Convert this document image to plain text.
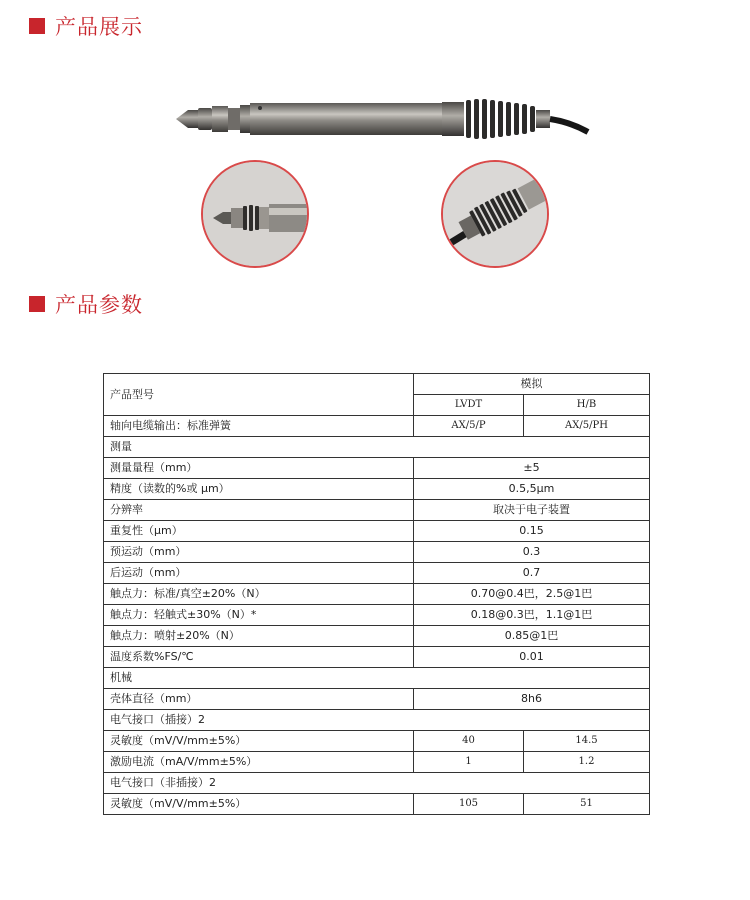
产品展示
产品参数
产品型号	模拟	
	LVDT	H/B
轴向电缆输出：标准弹簧	AX/5/P	AX/5/PH
测量		
测量量程（mm）	±5	
精度（读数的%或 μm）	0.5,5μm	
分辨率	取决于电子装置	
重复性（μm）	0.15	
预运动（mm）	0.3	
后运动（mm）	0.7	
触点力：标准/真空±20%（N）	0.70@0.4巴，2.5@1巴	
触点力：轻触式±30%（N）*	0.18@0.3巴，1.1@1巴	
触点力：喷射±20%（N）	0.85@1巴	
温度系数%FS/℃	0.01	
机械		
壳体直径（mm）	8h6	
电气接口（插接）2		
灵敏度（mV/V/mm±5%）	40	14.5
激励电流（mA/V/mm±5%）	1	1.2
电气接口（非插接）2		
灵敏度（mV/V/mm±5%）	105	51
